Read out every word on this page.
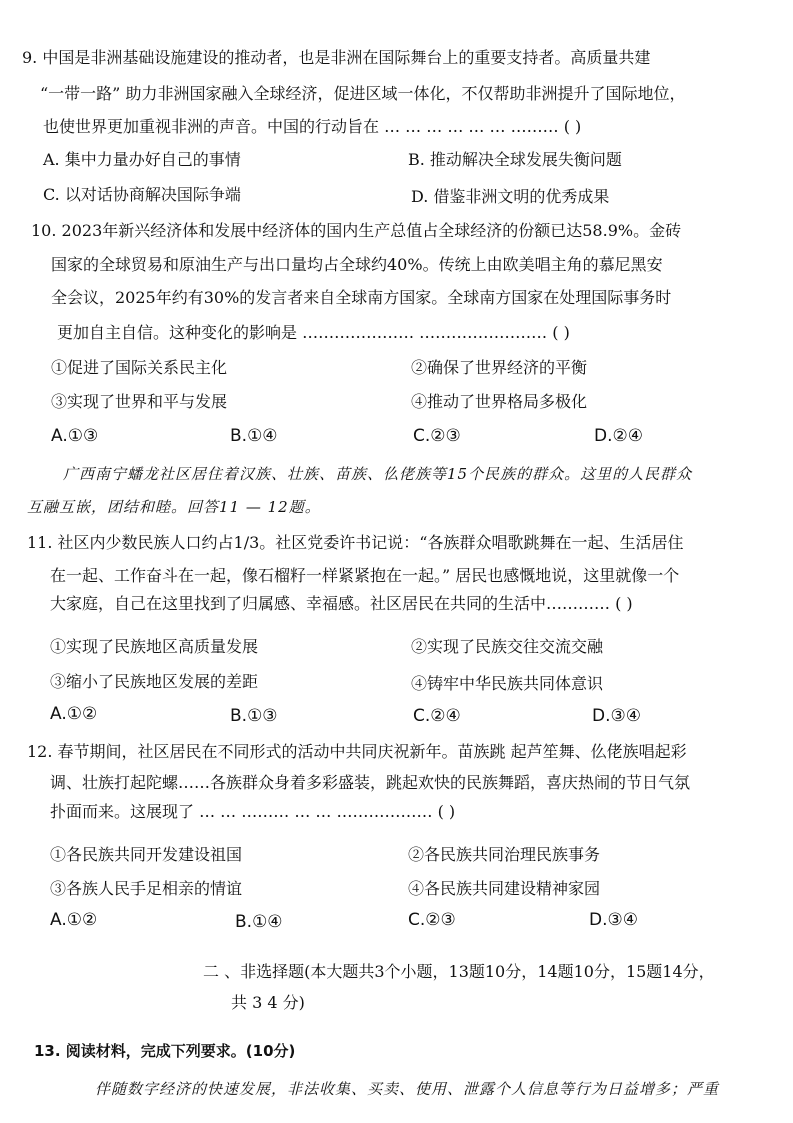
9. 中国是非洲基础设施建设的推动者，也是非洲在国际舞台上的重要支持者。高质量共建
“一带一路” 助力非洲国家融入全球经济，促进区域一体化，不仅帮助非洲提升了国际地位，
也使世界更加重视非洲的声音。中国的行动旨在 … … … … … … ……… ( )
A. 集中力量办好自己的事情	B. 推动解决全球发展失衡问题
C. 以对话协商解决国际争端	D. 借鉴非洲文明的优秀成果
10. 2023年新兴经济体和发展中经济体的国内生产总值占全球经济的份额已达58.9%。金砖
国家的全球贸易和原油生产与出口量均占全球约40%。传统上由欧美唱主角的慕尼黑安
全会议，2025年约有30%的发言者来自全球南方国家。全球南方国家在处理国际事务时
更加自主自信。这种变化的影响是 ………………… …………………… ( )
①促进了国际关系民主化	②确保了世界经济的平衡
③实现了世界和平与发展	④推动了世界格局多极化
A.①③	B.①④	C.②③	D.②④
广西南宁蟠龙社区居住着汉族、壮族、苗族、仫佬族等15个民族的群众。这里的人民群众
互融互嵌，团结和睦。回答11 — 12题。
11. 社区内少数民族人口约占1/3。社区党委许书记说：“各族群众唱歌跳舞在一起、生活居住
在一起、工作奋斗在一起，像石榴籽一样紧紧抱在一起。” 居民也感慨地说，这里就像一个
大家庭，自己在这里找到了归属感、幸福感。社区居民在共同的生活中………… ( )
①实现了民族地区高质量发展	②实现了民族交往交流交融
③缩小了民族地区发展的差距	④铸牢中华民族共同体意识
A.①②	B.①③	C.②④	D.③④
12. 春节期间，社区居民在不同形式的活动中共同庆祝新年。苗族跳 起芦笙舞、仫佬族唱起彩
调、壮族打起陀螺……各族群众身着多彩盛装，跳起欢快的民族舞蹈，喜庆热闹的节日气氛
扑面而来。这展现了 … … ……… … … ……………… ( )
①各民族共同开发建设祖国	②各民族共同治理民族事务
③各族人民手足相亲的情谊	④各民族共同建设精神家园
A.①②	B.①④	C.②③	D.③④
二 、非选择题(本大题共3个小题，13题10分，14题10分，15题14分，
共 3 4 分)
13. 阅读材料，完成下列要求。(10分)
伴随数字经济的快速发展，非法收集、买卖、使用、泄露个人信息等行为日益增多；严重
